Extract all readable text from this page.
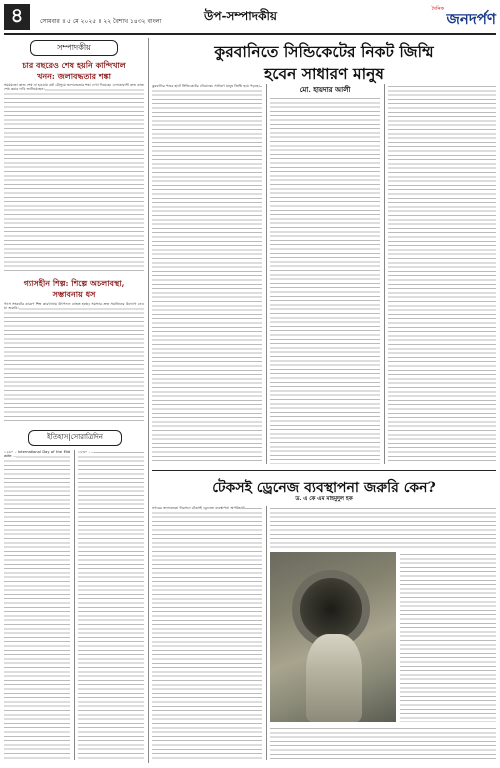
৪	সোমবার ॥ ৫ মে ২০২৫ ॥ ২২ বৈশাখ ১৪৩২ বাংলা	উপ-সম্পাদকীয়	দৈনিক
জনদর্পণ
সম্পাদকীয়
চার বছরেও শেষ হয়নি কান্দিখাল
খনন: জলাবদ্ধতার শঙ্কা
সময়মতো কাজ শেষ না হওয়ায় বর্ষা মৌসুমে জলাবদ্ধতার শঙ্কা দেখা দিয়েছে। এলাকাবাসী দ্রুত কাজ শেষ করার দাবি জানিয়েছেন।
গ্যাসহীন শিল্প: শিল্পে অচলাবস্থা,
সম্ভাবনায় ধস
গ্যাস সংকটের কারণে শিল্প কারখানায় উৎপাদন ব্যাহত হচ্ছে। সমস্যার দ্রুত সমাধানের উদ্যোগ নেওয়া জরুরি।
ইতিহাস|সোরাত্রিদিন
১২৬০ - International Day of the Midwife ...
১৮৩০ - ...
কুরবানিতে সিন্ডিকেটের নিকট জিম্মি
হবেন সাধারণ মানুষ
কুরবানির পশুর হাটে সিন্ডিকেটের দৌরাত্ম্যে সাধারণ মানুষ জিম্মি হয়ে পড়ছে।	মো. হায়দার আলী
টেকসই ড্রেনেজ ব্যবস্থাপনা জরুরি কেন?
ড. এ কে এম মাহমুদুল হক
নগরের জলাবদ্ধতা নিরসনে টেকসই ড্রেনেজ ব্যবস্থাপনা অপরিহার্য।
